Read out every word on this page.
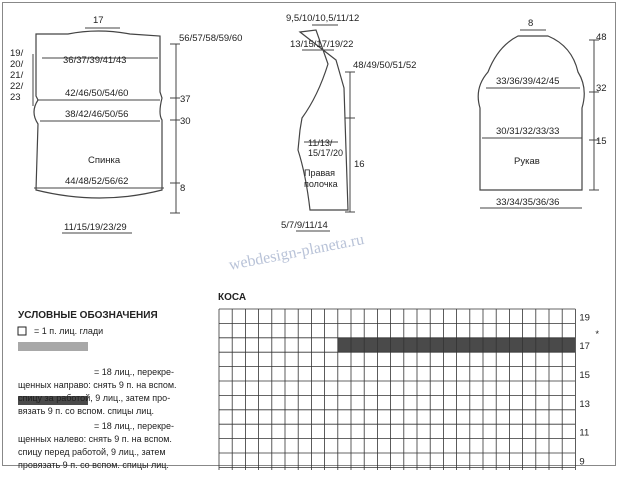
17
36/37/39/41/43
42/46/50/54/60
38/42/46/50/56
Спинка
44/48/52/56/62
11/15/19/23/29
56/57/58/59/60
37
30
8
19/
20/
21/
22/
23
9,5/10/10,5/11/12
13/15/17/19/22
48/49/50/51/52
11/13/
15/17/20
Правая
полочка
16
5/7/9/11/14
8
33/36/39/42/45
30/31/32/33/33
Рукав
33/34/35/36/36
48
32
15
webdesign-planeta.ru
УСЛОВНЫЕ ОБОЗНАЧЕНИЯ
КОСА
19
17
15
13
11
9
*
= 1 п. лиц. глади

= 18 лиц., перекре-
щенных направо: снять 9 п. на вспом.
спицу за работой, 9 лиц., затем про-
вязать 9 п. со вспом. спицы лиц.

= 18 лиц., перекре-
щенных налево: снять 9 п. на вспом.
спицу перед работой, 9 лиц., затем
провязать 9 п. со вспом. спицы лиц.
